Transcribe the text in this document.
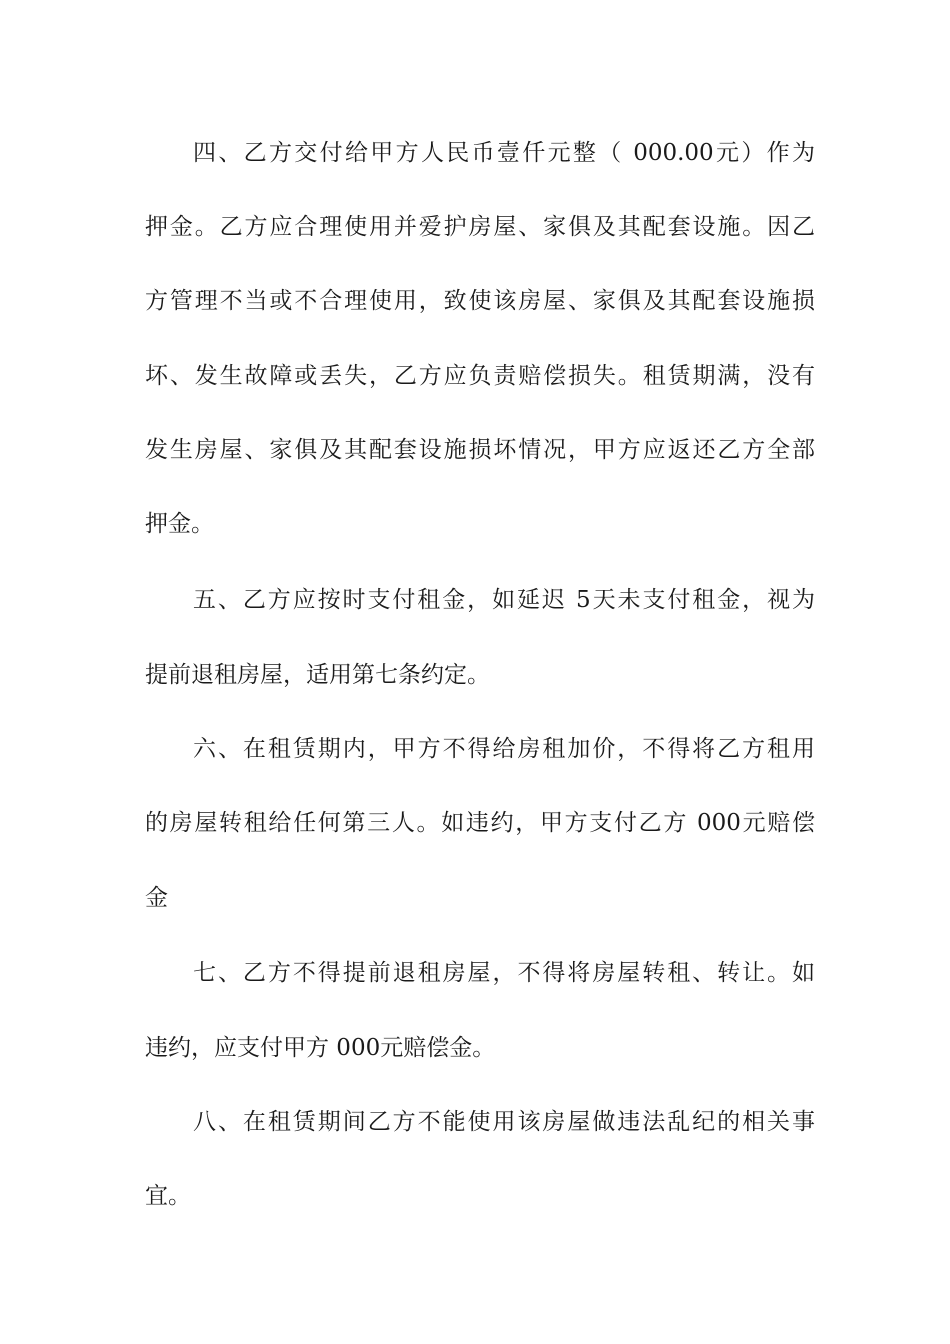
四、乙方交付给甲方人民币壹仟元整（ 000.00元）作为
押金。乙方应合理使用并爱护房屋、家俱及其配套设施。因乙
方管理不当或不合理使用，致使该房屋、家俱及其配套设施损
坏、发生故障或丢失，乙方应负责赔偿损失。租赁期满，没有
发生房屋、家俱及其配套设施损坏情况，甲方应返还乙方全部
押金。
五、乙方应按时支付租金，如延迟 5天未支付租金，视为
提前退租房屋，适用第七条约定。
六、在租赁期内，甲方不得给房租加价，不得将乙方租用
的房屋转租给任何第三人。如违约，甲方支付乙方 000元赔偿
金
七、乙方不得提前退租房屋，不得将房屋转租、转让。如
违约，应支付甲方 000元赔偿金。
八、在租赁期间乙方不能使用该房屋做违法乱纪的相关事
宜。
